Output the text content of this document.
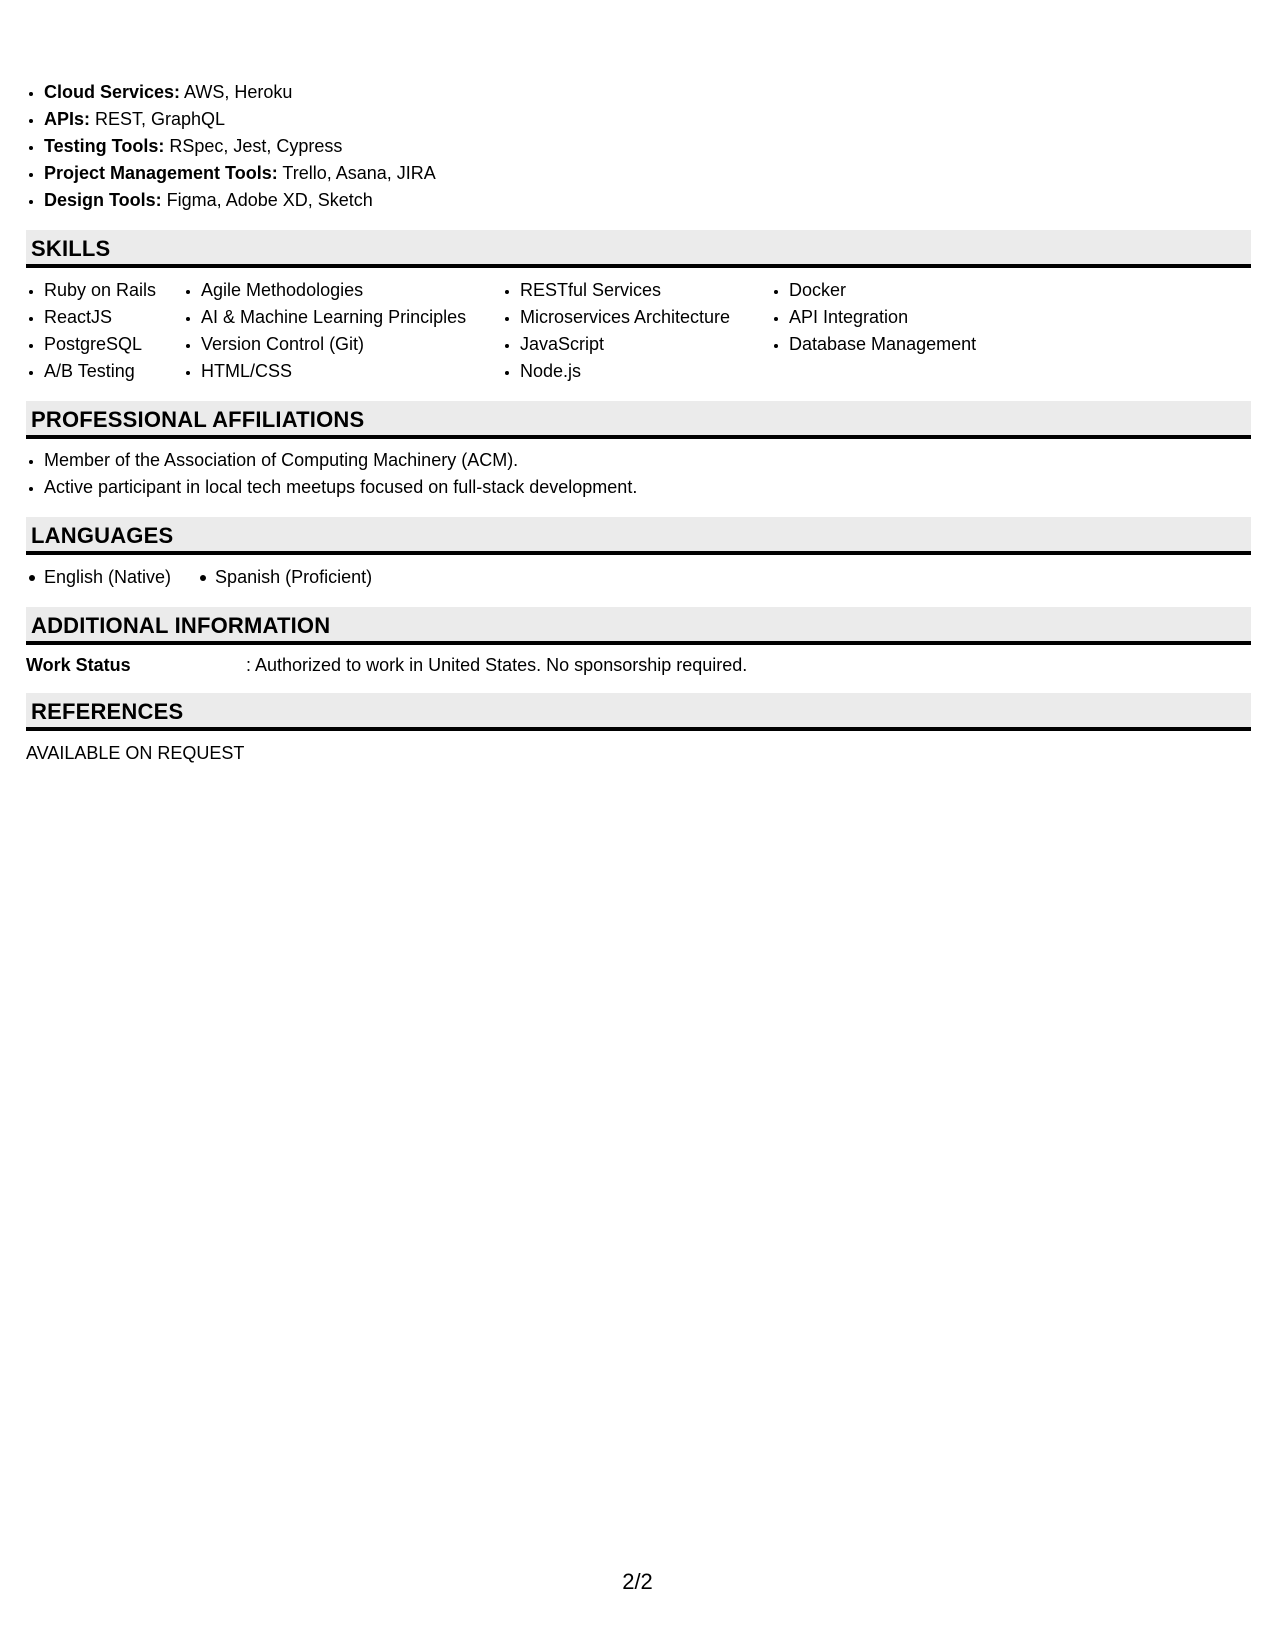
• Cloud Services: AWS, Heroku
• APIs: REST, GraphQL
• Testing Tools: RSpec, Jest, Cypress
• Project Management Tools: Trello, Asana, JIRA
• Design Tools: Figma, Adobe XD, Sketch
SKILLS
• Ruby on Rails
• ReactJS
• PostgreSQL
• A/B Testing
• Agile Methodologies
• AI & Machine Learning Principles
• Version Control (Git)
• HTML/CSS
• RESTful Services
• Microservices Architecture
• JavaScript
• Node.js
• Docker
• API Integration
• Database Management
PROFESSIONAL AFFILIATIONS
• Member of the Association of Computing Machinery (ACM).
• Active participant in local tech meetups focused on full-stack development.
LANGUAGES
English (Native)	Spanish (Proficient)
ADDITIONAL INFORMATION
Work Status	: Authorized to work in United States. No sponsorship required.
REFERENCES
AVAILABLE ON REQUEST
2/2
